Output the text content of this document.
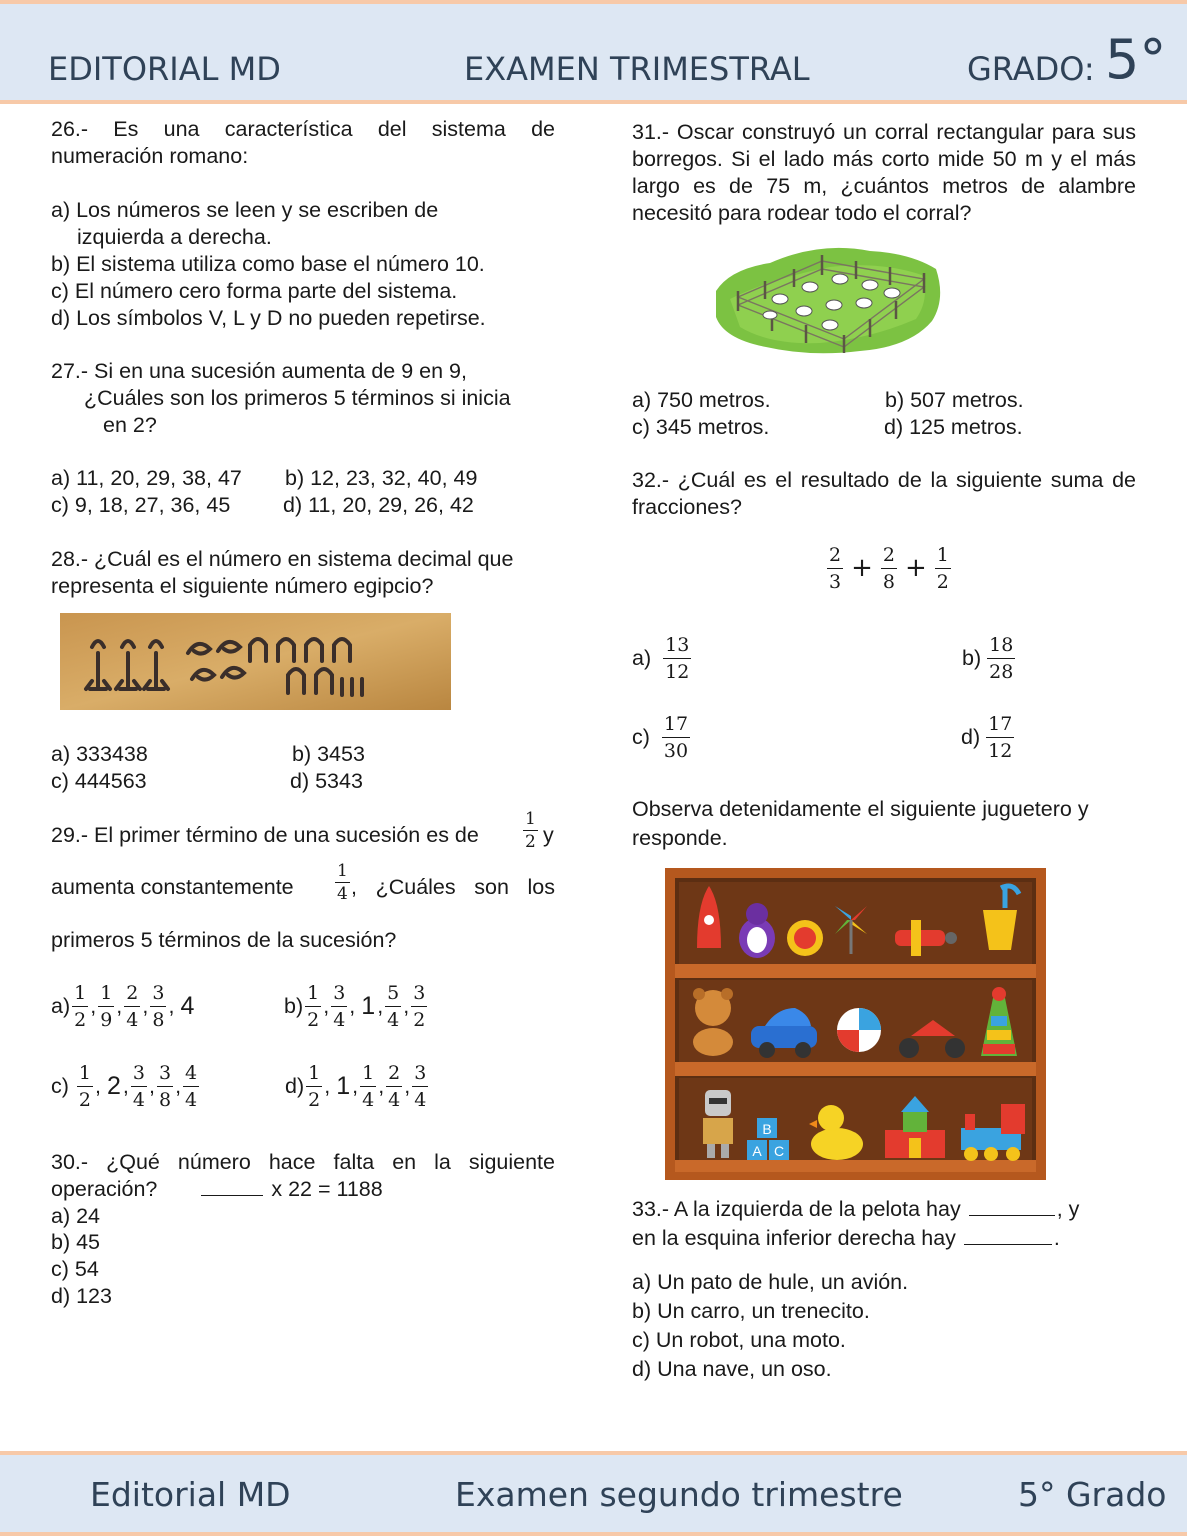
EDITORIAL MD	EXAMEN TRIMESTRAL	GRADO: 5°

26.- Es una característica del sistema de numeración romano:

a) Los números se leen y se escriben de
izquierda a derecha.
b) El sistema utiliza como base el número 10.
c) El número cero forma parte del sistema.
d) Los símbolos V, L y D no pueden repetirse.
27.- Si en una sucesión aumenta de 9 en 9,
¿Cuáles son los primeros 5 términos si inicia
en 2?
a) 11, 20, 29, 38, 47 b) 12, 23, 32, 40, 49
c) 9, 18, 27, 36, 45 d) 11, 20, 29, 26, 42
28.- ¿Cuál es el número en sistema decimal que
representa el siguiente número egipcio?
a) 333438	b) 3453
c) 444563	d) 5343
29.- El primer término de una sucesión es de	$\frac{1}{2}$ y
aumenta constantemente $\frac{1}{4}$ , ¿Cuáles son los
primeros 5 términos de la sucesión?
$a) \frac{1}{2}$ , $\frac{1}{9}$ , $\frac{2}{4}$ , $\frac{3}{8}$ , 4	$b) \frac{1}{2}$ , $\frac{3}{4}$ , 1 , $\frac{5}{4}$ , $\frac{3}{2}$
$c) \frac{1}{2}$ , 2 , $\frac{3}{4}$ , $\frac{3}{8}$ , $\frac{4}{4}$	$d) \frac{1}{2}$ , 1 , $\frac{1}{4}$ , $\frac{2}{4}$ , $\frac{3}{4}$
30.- ¿Qué número hace falta en la siguiente
operación?	x 22 = 1188
a) 24
b) 45
c) 54
d) 123

31.- Oscar construyó un corral rectangular para sus borregos. Si el lado más corto mide 50 m y el más largo es de 75 m, ¿cuántos metros de alambre necesitó para rodear todo el corral?

a) 750 metros.	b) 507 metros.
c) 345 metros.	d) 125 metros.

32.- ¿Cuál es el resultado de la siguiente suma de fracciones?

$\frac{2}{3} + \frac{2}{8} + \frac{1}{2}$
$a) \frac{13}{12}$	$b) \frac{18}{28}$
$c) \frac{17}{30}$	$d) \frac{17}{12}$

Observa detenidamente el siguiente juguetero y responde.

B
A C
33.- A la izquierda de la pelota hay	, y
en la esquina inferior derecha hay	.
a) Un pato de hule, un avión.
b) Un carro, un trenecito.
c) Un robot, una moto.
d) Una nave, un oso.
Editorial MD	Examen segundo trimestre	5° Grado
